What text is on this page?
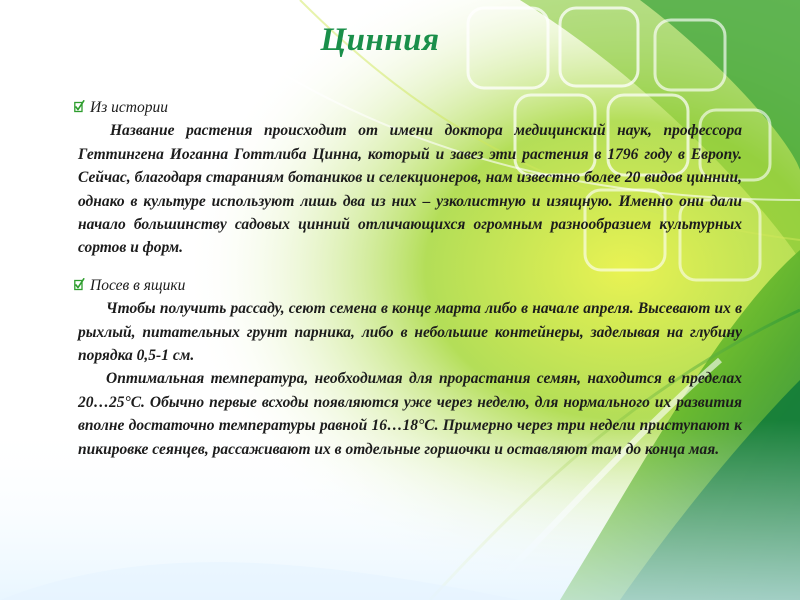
Цинния

Из истории

Название растения происходит от имени доктора медицинский наук, профессора Геттингена Иоганна Готтлиба Цинна, который и завез эти растения в 1796 году в Европу. Сейчас, благодаря стараниям ботаников и селекционеров, нам известно более 20 видов циннии, однако в культуре используют лишь два из них – узколистную и изящную. Именно они дали начало большинству садовых цинний отличающихся огромным разнообразием культурных сортов и форм.

Посев в ящики

Чтобы получить рассаду, сеют семена в конце марта либо в начале апреля. Высевают их в рыхлый, питательных грунт парника, либо в небольшие контейнеры, заделывая на глубину порядка 0,5-1 см.

Оптимальная температура, необходимая для прорастания семян, находится в пределах 20…25°С. Обычно первые всходы появляются уже через неделю, для нормального их развития вполне достаточно температуры равной 16…18°С. Примерно через три недели приступают к пикировке сеянцев, рассаживают их в отдельные горшочки и оставляют там до конца мая.
